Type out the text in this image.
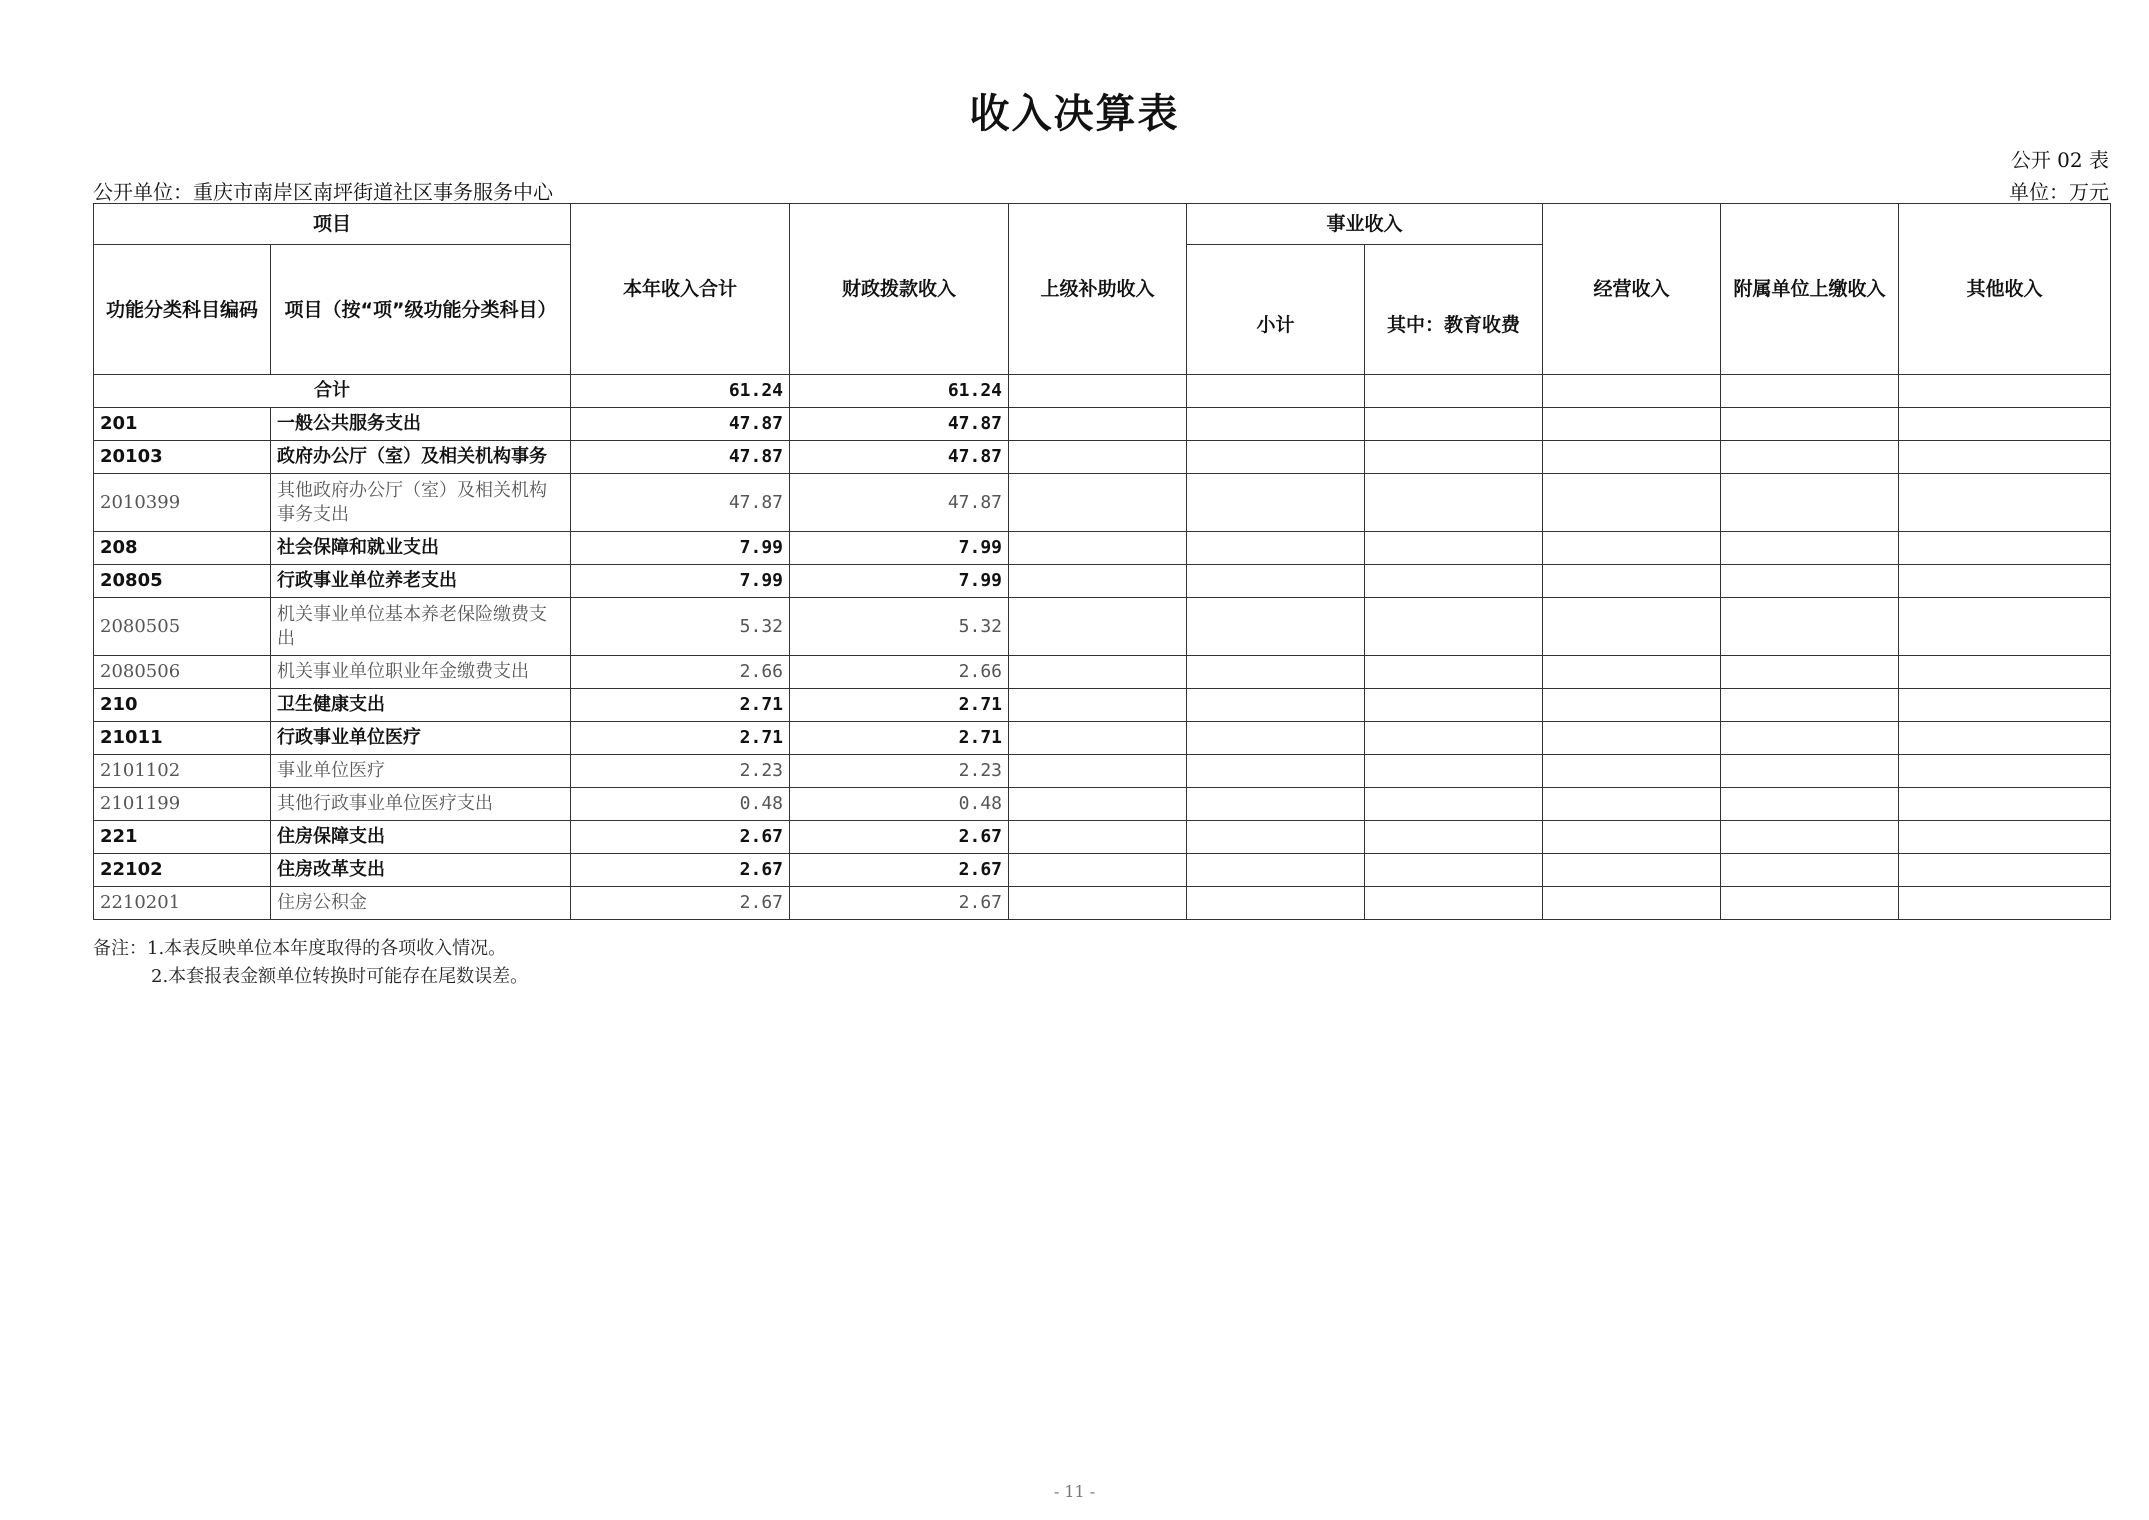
收入决算表
公开 02 表
公开单位：重庆市南岸区南坪街道社区事务服务中心	单位：万元
项目		本年收入合计	财政拨款收入	上级补助收入	事业收入		经营收入	附属单位上缴收入	其他收入
功能分类科目编码	项目（按“项”级功能分类科目）				小计	其中：教育收费			
合计		61.24	61.24						
201	一般公共服务支出	47.87	47.87						
20103	政府办公厅（室）及相关机构事务	47.87	47.87						
2010399	其他政府办公厅（室）及相关机构事务支出	47.87	47.87						
208	社会保障和就业支出	7.99	7.99						
20805	行政事业单位养老支出	7.99	7.99						
2080505	机关事业单位基本养老保险缴费支出	5.32	5.32						
2080506	机关事业单位职业年金缴费支出	2.66	2.66						
210	卫生健康支出	2.71	2.71						
21011	行政事业单位医疗	2.71	2.71						
2101102	事业单位医疗	2.23	2.23						
2101199	其他行政事业单位医疗支出	0.48	0.48						
221	住房保障支出	2.67	2.67						
22102	住房改革支出	2.67	2.67						
2210201	住房公积金	2.67	2.67						
备注：1.本表反映单位本年度取得的各项收入情况。
2.本套报表金额单位转换时可能存在尾数误差。
- 11 -
